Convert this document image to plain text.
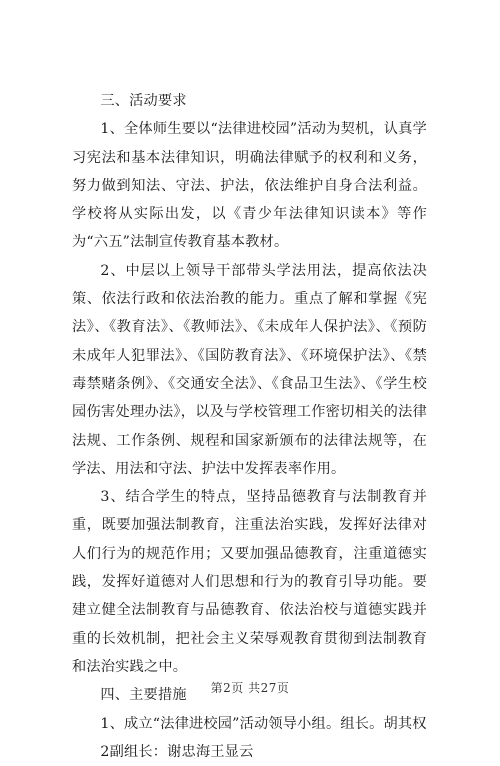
三、活动要求

1、全体师生要以“法律进校园”活动为契机，认真学习宪法和基本法律知识，明确法律赋予的权利和义务，努力做到知法、守法、护法，依法维护自身合法利益。学校将从实际出发，以《青少年法律知识读本》等作为“六五”法制宣传教育基本教材。

2、中层以上领导干部带头学法用法，提高依法决策、依法行政和依法治教的能力。重点了解和掌握《宪法》、《教育法》、《教师法》、《未成年人保护法》、《预防未成年人犯罪法》、《国防教育法》、《环境保护法》、《禁毒禁赌条例》、《交通安全法》、《食品卫生法》、《学生校园伤害处理办法》，以及与学校管理工作密切相关的法律法规、工作条例、规程和国家新颁布的法律法规等，在学法、用法和守法、护法中发挥表率作用。

3、结合学生的特点，坚持品德教育与法制教育并重，既要加强法制教育，注重法治实践，发挥好法律对人们行为的规范作用；又要加强品德教育，注重道德实践，发挥好道德对人们思想和行为的教育引导功能。要建立健全法制教育与品德教育、依法治校与道德实践并重的长效机制，把社会主义荣辱观教育贯彻到法制教育和法治实践之中。

四、主要措施

1、成立“法律进校园”活动领导小组。组长。胡其权

2副组长：谢忠海王显云

第2页 共27页
